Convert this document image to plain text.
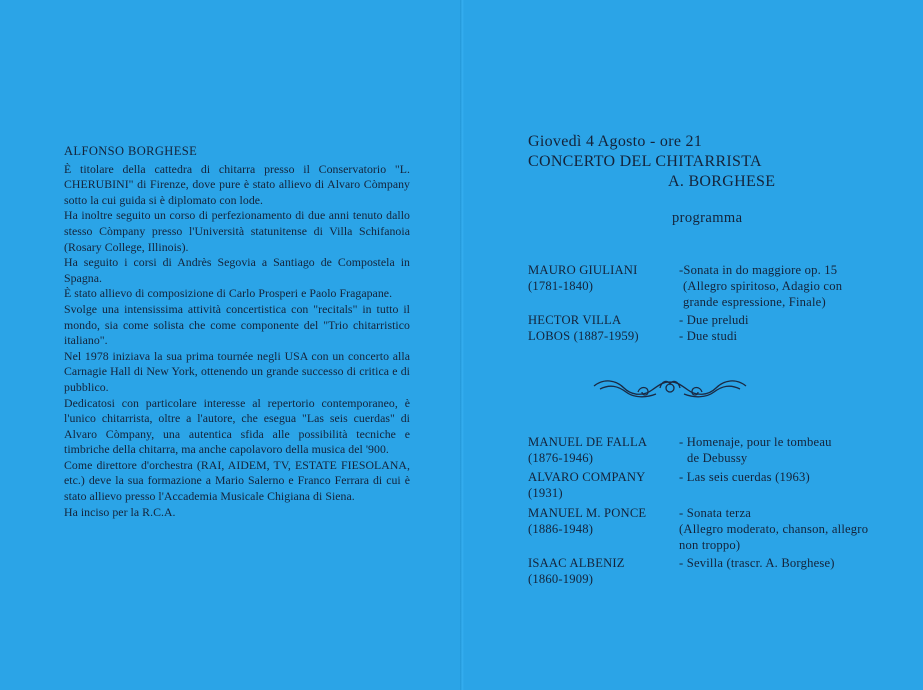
ALFONSO BORGHESE

È titolare della cattedra di chitarra presso il Conservatorio "L. CHERUBINI" di Firenze, dove pure è stato allievo di Alvaro Còmpany sotto la cui guida si è diplomato con lode.

Ha inoltre seguito un corso di perfezionamento di due anni tenuto dallo stesso Còmpany presso l'Università statunitense di Villa Schifanoia (Rosary College, Illinois).

Ha seguito i corsi di Andrès Segovia a Santiago de Compostela in Spagna.

È stato allievo di composizione di Carlo Prosperi e Paolo Fragapane.

Svolge una intensissima attività concertistica con "recitals" in tutto il mondo, sia come solista che come componente del "Trio chitarristico italiano".

Nel 1978 iniziava la sua prima tournée negli USA con un concerto alla Carnagie Hall di New York, ottenendo un grande successo di critica e di pubblico.

Dedicatosi con particolare interesse al repertorio contemporaneo, è l'unico chitarrista, oltre a l'autore, che esegua "Las seis cuerdas" di Alvaro Còmpany, una autentica sfida alle possibilità tecniche e timbriche della chitarra, ma anche capolavoro della musica del '900.

Come direttore d'orchestra (RAI, AIDEM, TV, ESTATE FIESOLANA, etc.) deve la sua formazione a Mario Salerno e Franco Ferrara di cui è stato allievo presso l'Accademia Musicale Chigiana di Siena.

Ha inciso per la R.C.A.

Giovedì 4 Agosto - ore 21
CONCERTO DEL CHITARRISTA
A. BORGHESE
programma
MAURO GIULIANI
(1781-1840)
-Sonata in do maggiore op. 15
(Allegro spiritoso, Adagio con grande espressione, Finale)
HECTOR VILLA
LOBOS (1887-1959)
- Due preludi
- Due studi
MANUEL DE FALLA
(1876-1946)
- Homenaje, pour le tombeau
de Debussy
ALVARO COMPANY
(1931)
- Las seis cuerdas (1963)
MANUEL M. PONCE
(1886-1948)
- Sonata terza
(Allegro moderato, chanson, allegro non troppo)
ISAAC ALBENIZ
(1860-1909)
- Sevilla (trascr. A. Borghese)
